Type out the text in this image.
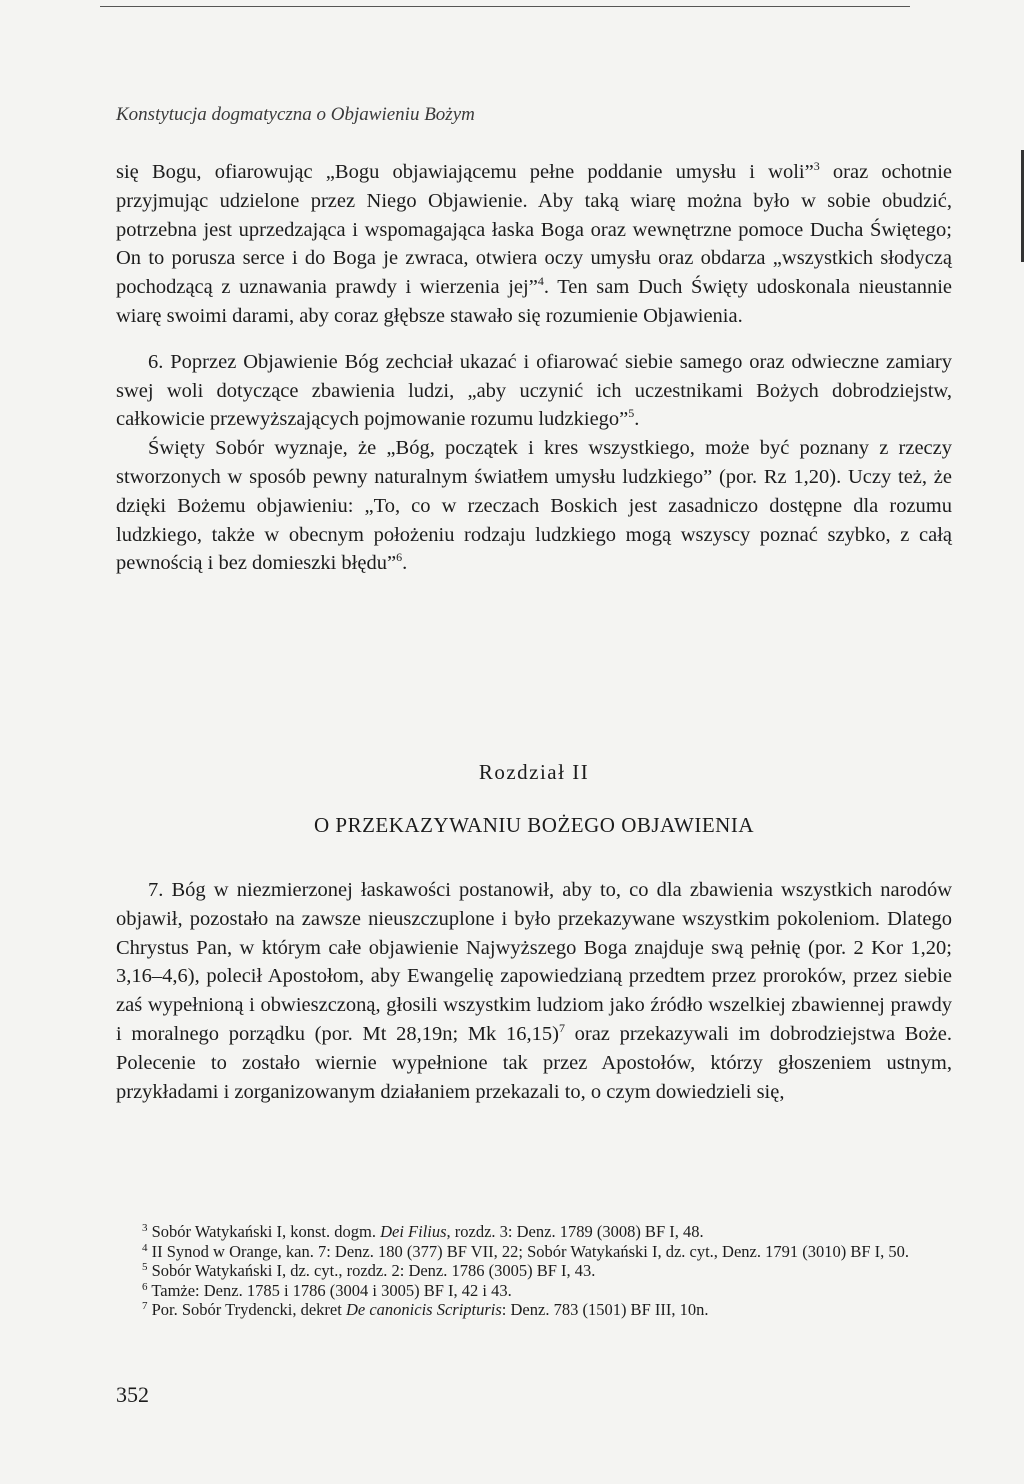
Konstytucja dogmatyczna o Objawieniu Bożym

się Bogu, ofiarowując „Bogu objawiającemu pełne poddanie umysłu i woli”$^3$ oraz ochotnie przyjmując udzielone przez Niego Objawienie. Aby taką wiarę można było w sobie obudzić, potrzebna jest uprzedzająca i wspomagająca łaska Boga oraz wewnętrzne pomoce Ducha Świętego; On to porusza serce i do Boga je zwraca, otwiera oczy umysłu oraz obdarza „wszystkich słodyczą pochodzącą z uznawania prawdy i wierzenia jej”$^4$. Ten sam Duch Święty udoskonala nieustannie wiarę swoimi darami, aby coraz głębsze stawało się rozumienie Objawienia.

6. Poprzez Objawienie Bóg zechciał ukazać i ofiarować siebie samego oraz odwieczne zamiary swej woli dotyczące zbawienia ludzi, „aby uczynić ich uczestnikami Bożych dobrodziejstw, całkowicie przewyższających pojmowanie rozumu ludzkiego”$^5$.

Święty Sobór wyznaje, że „Bóg, początek i kres wszystkiego, może być poznany z rzeczy stworzonych w sposób pewny naturalnym światłem umysłu ludzkiego” (por. Rz 1,20). Uczy też, że dzięki Bożemu objawieniu: „To, co w rzeczach Boskich jest zasadniczo dostępne dla rozumu ludzkiego, także w obecnym położeniu rodzaju ludzkiego mogą wszyscy poznać szybko, z całą pewnością i bez domieszki błędu”$^6$.

Rozdział II
O PRZEKAZYWANIU BOŻEGO OBJAWIENIA

7. Bóg w niezmierzonej łaskawości postanowił, aby to, co dla zbawienia wszystkich narodów objawił, pozostało na zawsze nieuszczuplone i było przekazywane wszystkim pokoleniom. Dlatego Chrystus Pan, w którym całe objawienie Najwyższego Boga znajduje swą pełnię (por. 2 Kor 1,20; 3,16–4,6), polecił Apostołom, aby Ewangelię zapowiedzianą przedtem przez proroków, przez siebie zaś wypełnioną i obwieszczoną, głosili wszystkim ludziom jako źródło wszelkiej zbawiennej prawdy i moralnego porządku (por. Mt 28,19n; Mk 16,15)$^7$ oraz przekazywali im dobrodziejstwa Boże. Polecenie to zostało wiernie wypełnione tak przez Apostołów, którzy głoszeniem ustnym, przykładami i zorganizowanym działaniem przekazali to, o czym dowiedzieli się,

$^3$ Sobór Watykański I, konst. dogm. Dei Filius, rozdz. 3: Denz. 1789 (3008) BF I, 48.

$^4$ II Synod w Orange, kan. 7: Denz. 180 (377) BF VII, 22; Sobór Watykański I, dz. cyt., Denz. 1791 (3010) BF I, 50.

$^5$ Sobór Watykański I, dz. cyt., rozdz. 2: Denz. 1786 (3005) BF I, 43.

$^6$ Tamże: Denz. 1785 i 1786 (3004 i 3005) BF I, 42 i 43.

$^7$ Por. Sobór Trydencki, dekret De canonicis Scripturis: Denz. 783 (1501) BF III, 10n.

352
